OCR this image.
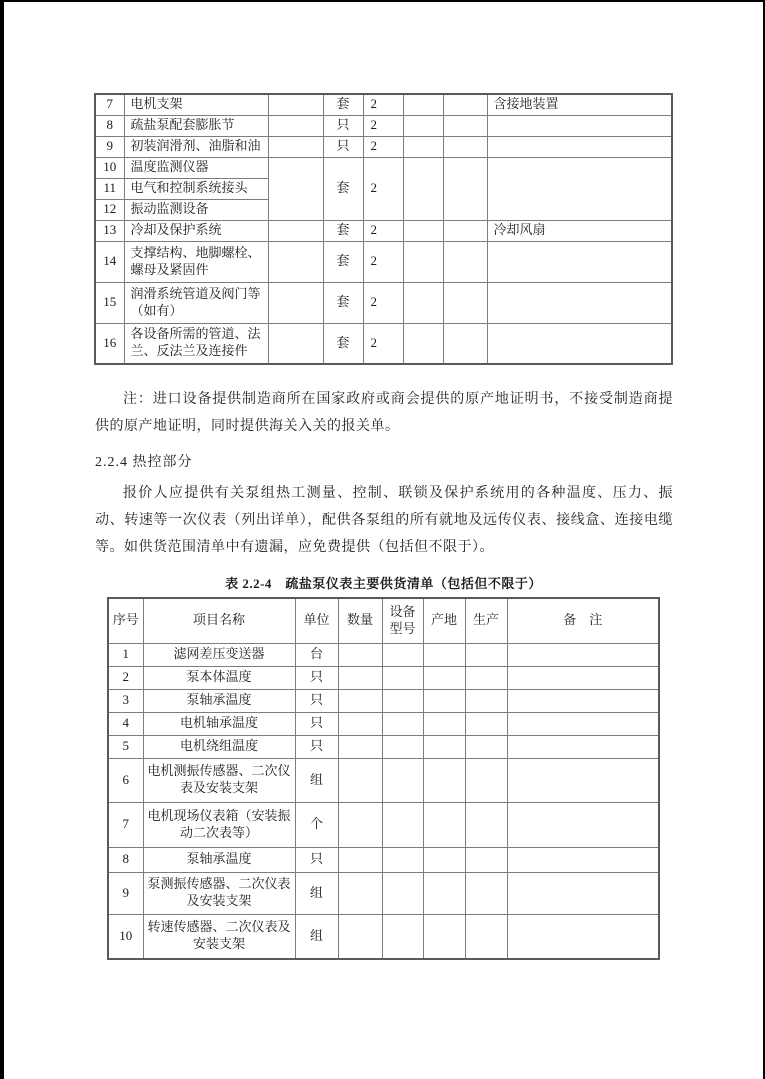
7	电机支架		套	2			含接地装置
8	疏盐泵配套膨胀节		只	2			
9	初装润滑剂、油脂和油		只	2			
10	温度监测仪器		套	2			
11	电气和控制系统接头						
12	振动监测设备						
13	冷却及保护系统		套	2			冷却风扇
14	支撑结构、地脚螺栓、螺母及紧固件		套	2			
15	润滑系统管道及阀门等（如有）		套	2			
16	各设备所需的管道、法兰、反法兰及连接件		套	2			

注：进口设备提供制造商所在国家政府或商会提供的原产地证明书，不接受制造商提供的原产地证明，同时提供海关入关的报关单。

2.2.4 热控部分

报价人应提供有关泵组热工测量、控制、联锁及保护系统用的各种温度、压力、振动、转速等一次仪表（列出详单），配供各泵组的所有就地及远传仪表、接线盒、连接电缆等。如供货范围清单中有遗漏，应免费提供（包括但不限于）。

表 2.2-4　疏盐泵仪表主要供货清单（包括但不限于）
序号	项目名称	单位	数量	设备型号	产地	生产	备　注
1	滤网差压变送器	台					
2	泵本体温度	只					
3	泵轴承温度	只					
4	电机轴承温度	只					
5	电机绕组温度	只					
6	电机测振传感器、二次仪表及安装支架	组					
7	电机现场仪表箱（安装振动二次表等）	个					
8	泵轴承温度	只					
9	泵测振传感器、二次仪表及安装支架	组					
10	转速传感器、二次仪表及安装支架	组					
